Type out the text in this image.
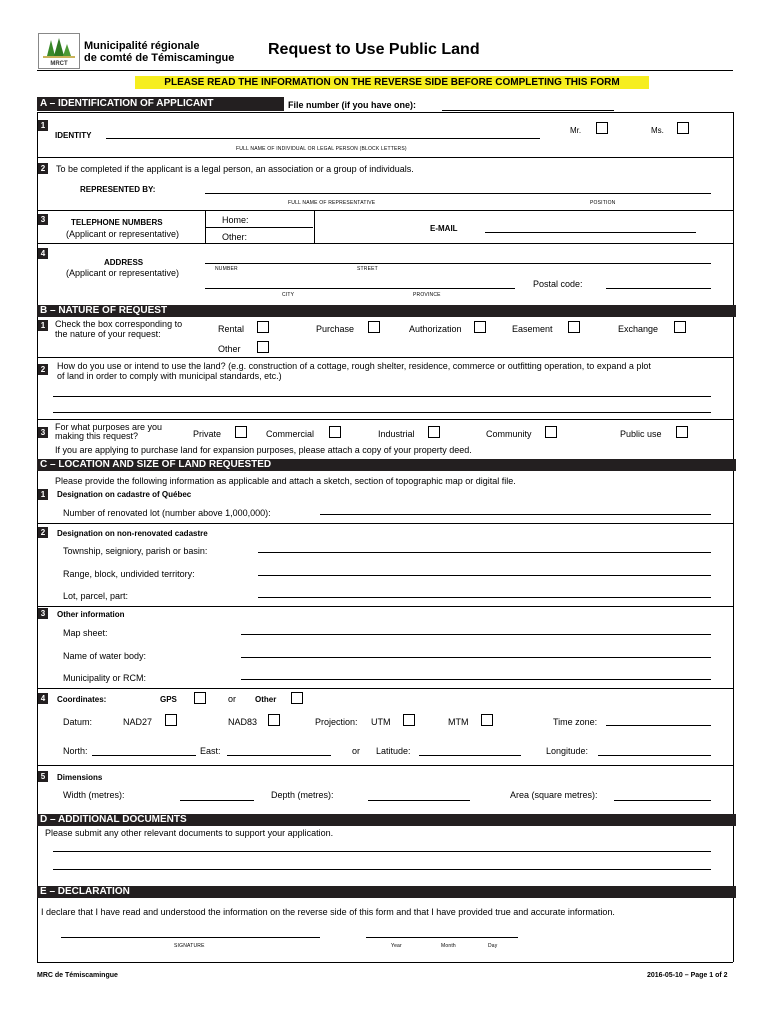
MRCT
Municipalité régionale
de comté de Témiscamingue Request to Use Public Land
PLEASE READ THE INFORMATION ON THE REVERSE SIDE BEFORE COMPLETING THIS FORM
A – IDENTIFICATION OF APPLICANT	File number (if you have one):
1
IDENTITY
Mr.	Ms.
FULL NAME OF INDIVIDUAL OR LEGAL PERSON (BLOCK LETTERS)
2	To be completed if the applicant is a legal person, an association or a group of individuals.
REPRESENTED BY:
FULL NAME OF REPRESENTATIVE	POSITION
3	TELEPHONE NUMBERS
(Applicant or representative)
Home:
Other:
E-MAIL
4
ADDRESS
(Applicant or representative)	NUMBER	STREET
Postal code:
CITY	PROVINCE
B – NATURE OF REQUEST
1	Check the box corresponding to
the nature of your request:	Rental	Purchase	Authorization	Easement	Exchange
Other
2	How do you use or intend to use the land? (e.g. construction of a cottage, rough shelter, residence, commerce or outfitting operation, to expand a plot
of land in order to comply with municipal standards, etc.)
3
For what purposes are you
making this request?	Private	Commercial	Industrial	Community	Public use
If you are applying to purchase land for expansion purposes, please attach a copy of your property deed.
C – LOCATION AND SIZE OF LAND REQUESTED
Please provide the following information as applicable and attach a sketch, section of topographic map or digital file.
1	Designation on cadastre of Québec
Number of renovated lot (number above 1,000,000):
2	Designation on non-renovated cadastre
Township, seigniory, parish or basin:
Range, block, undivided territory:
Lot, parcel, part:
3	Other information
Map sheet:
Name of water body:
Municipality or RCM:
4	Coordinates:	GPS	or Other
Datum:	NAD27	NAD83	Projection: UTM	MTM	Time zone:
North:	East:	or Latitude:	Longitude:
5	Dimensions
Width (metres):	Depth (metres):	Area (square metres):
D – ADDITIONAL DOCUMENTS
Please submit any other relevant documents to support your application.
E – DECLARATION
I declare that I have read and understood the information on the reverse side of this form and that I have provided true and accurate information.
SIGNATURE	Year	Month	Day
MRC de Témiscamingue	2016-05-10 – Page 1 of 2
